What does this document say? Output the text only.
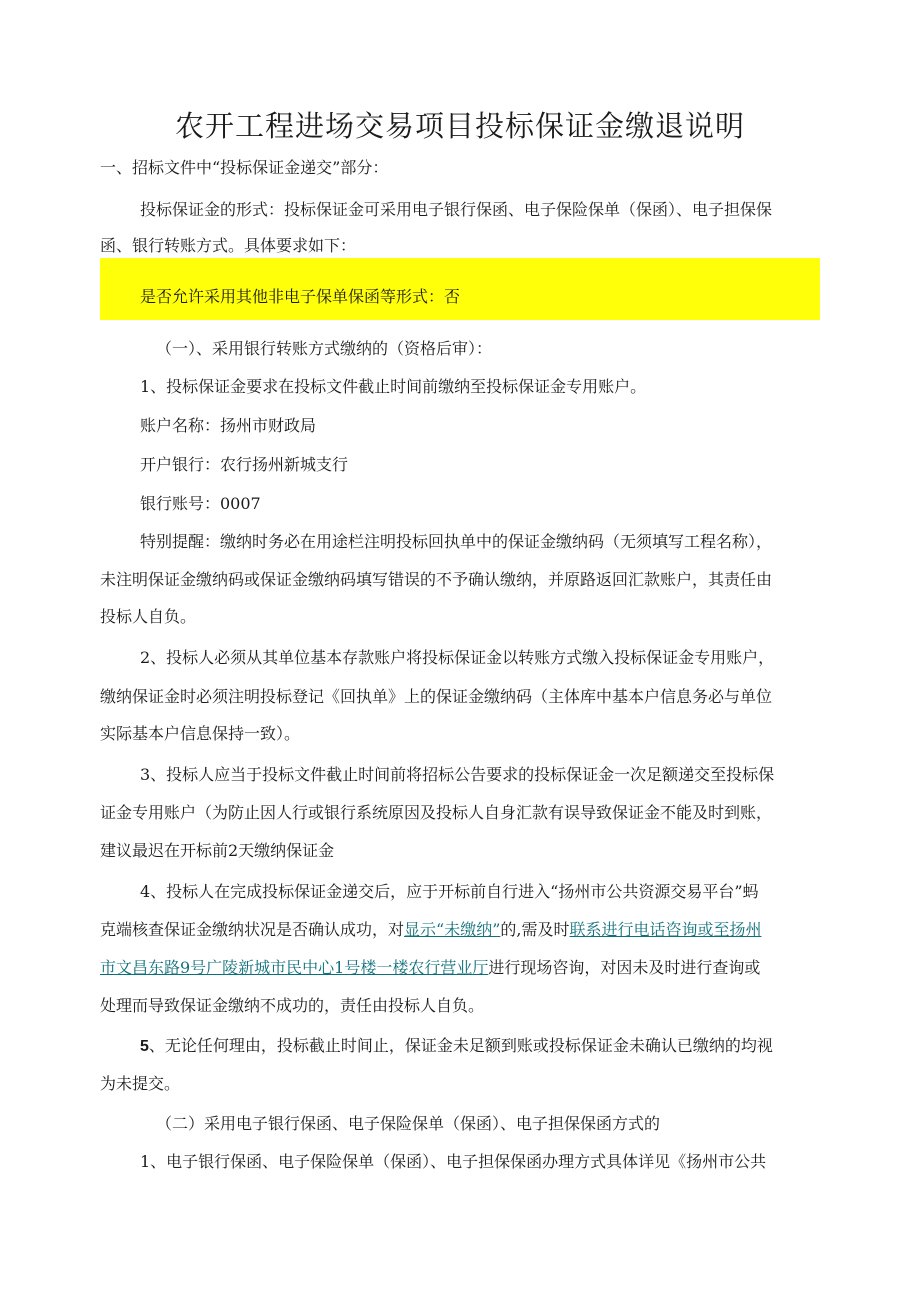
农开工程进场交易项目投标保证金缴退说明
一、招标文件中“投标保证金递交”部分：
投标保证金的形式：投标保证金可采用电子银行保函、电子保险保单（保函）、电子担保保
函、银行转账方式。具体要求如下：
是否允许采用其他非电子保单保函等形式：否
（一）、采用银行转账方式缴纳的（资格后审）：
1、投标保证金要求在投标文件截止时间前缴纳至投标保证金专用账户。
账户名称：扬州市财政局
开户银行：农行扬州新城支行
银行账号：0007
特别提醒：缴纳时务必在用途栏注明投标回执单中的保证金缴纳码（无须填写工程名称），
未注明保证金缴纳码或保证金缴纳码填写错误的不予确认缴纳，并原路返回汇款账户，其责任由
投标人自负。
2、投标人必须从其单位基本存款账户将投标保证金以转账方式缴入投标保证金专用账户，
缴纳保证金时必须注明投标登记《回执单》上的保证金缴纳码（主体库中基本户信息务必与单位
实际基本户信息保持一致）。
3、投标人应当于投标文件截止时间前将招标公告要求的投标保证金一次足额递交至投标保
证金专用账户（为防止因人行或银行系统原因及投标人自身汇款有误导致保证金不能及时到账，
建议最迟在开标前2天缴纳保证金
4、投标人在完成投标保证金递交后，应于开标前自行进入“扬州市公共资源交易平台”蚂
克端核查保证金缴纳状况是否确认成功，对显示“未缴纳”的,需及时联系进行电话咨询或至扬州
市文昌东路9号广陵新城市民中心1号楼一楼农行营业厅进行现场咨询，对因未及时进行查询或
处理而导致保证金缴纳不成功的，责任由投标人自负。
5、无论任何理由，投标截止时间止，保证金未足额到账或投标保证金未确认已缴纳的均视
为未提交。
（二）采用电子银行保函、电子保险保单（保函）、电子担保保函方式的
1、电子银行保函、电子保险保单（保函）、电子担保保函办理方式具体详见《扬州市公共
